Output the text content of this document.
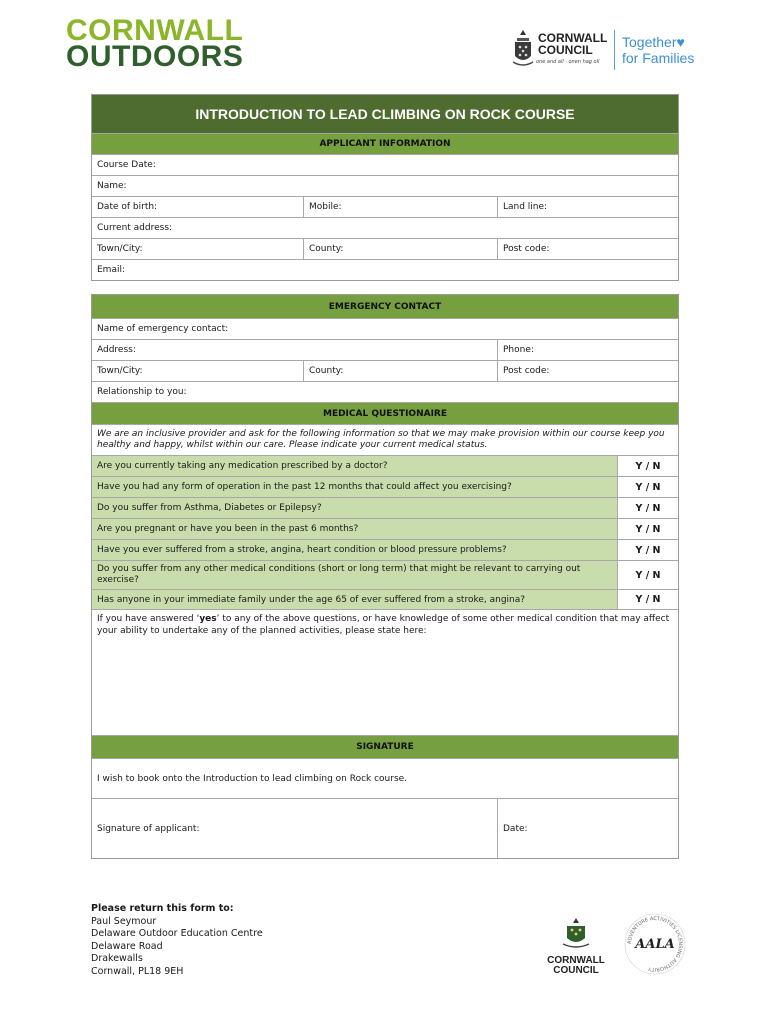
CORNWALL
OUTDOORS
CORNWALL
COUNCIL
one and all · onen hag oll
Together♥
for Families
INTRODUCTION TO LEAD CLIMBING ON ROCK COURSE
APPLICANT INFORMATION
Course Date:
Name:
Date of birth:	Mobile:	Land line:
Current address:
Town/City:	County:	Post code:
Email:
EMERGENCY CONTACT
Name of emergency contact:
Address:	Phone:
Town/City:	County:	Post code:
Relationship to you:
MEDICAL QUESTIONAIRE
We are an inclusive provider and ask for the following information so that we may make provision within our course keep you healthy and happy, whilst within our care. Please indicate your current medical status.
Are you currently taking any medication prescribed by a doctor?	Y / N
Have you had any form of operation in the past 12 months that could affect you exercising?	Y / N
Do you suffer from Asthma, Diabetes or Epilepsy?	Y / N
Are you pregnant or have you been in the past 6 months?	Y / N
Have you ever suffered from a stroke, angina, heart condition or blood pressure problems?	Y / N
Do you suffer from any other medical conditions (short or long term) that might be relevant to carrying out exercise?	Y / N
Has anyone in your immediate family under the age 65 of ever suffered from a stroke, angina?	Y / N
If you have answered ‘yes’ to any of the above questions, or have knowledge of some other medical condition that may affect your ability to undertake any of the planned activities, please state here:
SIGNATURE
I wish to book onto the Introduction to lead climbing on Rock course.
Signature of applicant:	Date:
Please return this form to:
Paul Seymour
Delaware Outdoor Education Centre
Delaware Road
Drakewalls
Cornwall, PL18 9EH
CORNWALL
COUNCIL
ADVENTURE ACTIVITIES LICENSING AUTHORITY
AALA
